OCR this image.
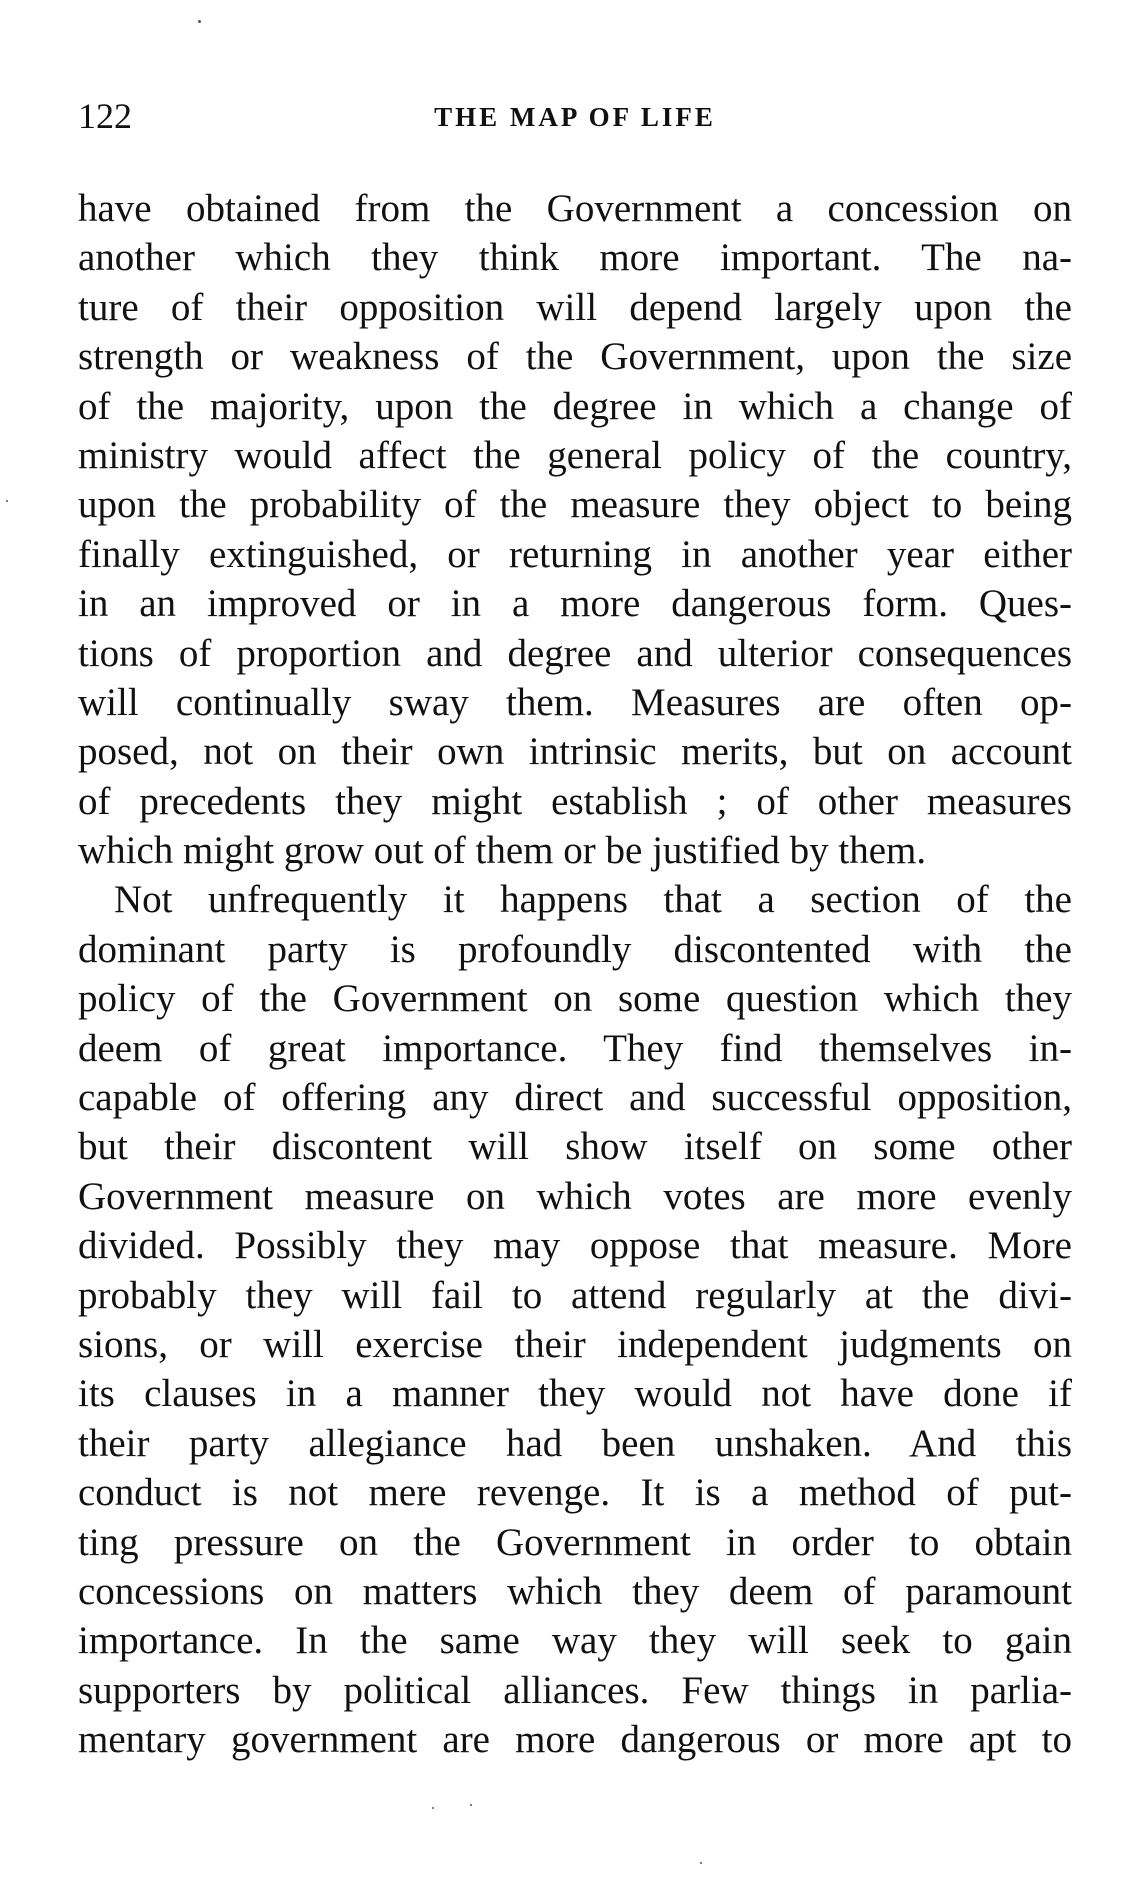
122	THE MAP OF LIFE
have obtained from the Government a concession on
another which they think more important. The na-
ture of their opposition will depend largely upon the
strength or weakness of the Government, upon the size
of the majority, upon the degree in which a change of
ministry would affect the general policy of the country,
upon the probability of the measure they object to being
finally extinguished, or returning in another year either
in an improved or in a more dangerous form. Ques-
tions of proportion and degree and ulterior consequences
will continually sway them. Measures are often op-
posed, not on their own intrinsic merits, but on account
of precedents they might establish ; of other measures
which might grow out of them or be justified by them.
Not unfrequently it happens that a section of the
dominant party is profoundly discontented with the
policy of the Government on some question which they
deem of great importance. They find themselves in-
capable of offering any direct and successful opposition,
but their discontent will show itself on some other
Government measure on which votes are more evenly
divided. Possibly they may oppose that measure. More
probably they will fail to attend regularly at the divi-
sions, or will exercise their independent judgments on
its clauses in a manner they would not have done if
their party allegiance had been unshaken. And this
conduct is not mere revenge. It is a method of put-
ting pressure on the Government in order to obtain
concessions on matters which they deem of paramount
importance. In the same way they will seek to gain
supporters by political alliances. Few things in parlia-
mentary government are more dangerous or more apt to
